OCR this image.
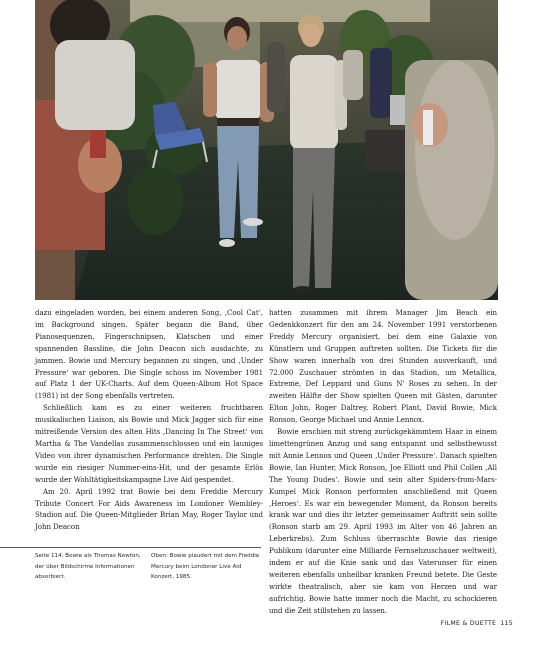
dazu eingeladen worden, bei einem anderen Song, ‚Cool Cat‘, im Background singen. Später begann die Band, über Pianosequenzen, Fingerschnipsen, Klatschen und einer spannenden Bassline, die John Deacon sich ausdachte, zu jammen. Bowie und Mercury begannen zu singen, und ‚Under Pressure‘ war geboren. Die Single schoss im November 1981 auf Platz 1 der UK-Charts. Auf dem Queen-Album Hot Space (1981) ist der Song ebenfalls vertreten.

Schließlich kam es zu einer weiteren fruchtbaren musikalischen Liaison, als Bowie und Mick Jagger sich für eine mitreißende Version des alten Hits ‚Dancing In The Street‘ von Martha & The Vandellas zusammenschlossen und ein launiges Video von ihrer dynamischen Performance drehten. Die Single wurde ein riesiger Nummer-eins-Hit, und der gesamte Erlös wurde der Wohltätigkeitskampagne Live Aid gespendet.

Am 20. April 1992 trat Bowie bei dem Freddie Mercury Tribute Concert For Aids Awareness im Londoner Wembley-Stadion auf. Die Queen-Mitglieder Brian May, Roger Taylor und John Deacon

hatten zusammen mit ihrem Manager Jim Beach ein Gedenkkonzert für den am 24. November 1991 verstorbenen Freddy Mercury organisiert, bei dem eine Galaxie von Künstlern und Gruppen auftreten sollten. Die Tickets für die Show waren innerhalb von drei Stunden ausverkauft, und 72.000 Zuschauer strömten in das Stadion, um Metallica, Extreme, Def Leppard und Guns N' Roses zu sehen. In der zweiten Hälfte der Show spielten Queen mit Gästen, darunter Elton John, Roger Daltrey, Robert Plant, David Bowie, Mick Ronson, George Michael und Annie Lennox.

Bowie erschien mit streng zurückgekämmtem Haar in einem limettengrünen Anzug und sang entspannt und selbstbewusst mit Annie Lennox und Queen ‚Under Pressure‘. Danach spielten Bowie, Ian Hunter, Mick Ronson, Joe Elliott und Phil Collen ‚All The Young Dudes‘. Bowie und sein alter Spiders-from-Mars-Kumpel Mick Ronson performten anschließend mit Queen ‚Heroes‘. Es war ein bewegender Moment, da Ronson bereits krank war und dies ihr letzter gemeinsamer Auftritt sein sollte (Ronson starb am 29. April 1993 im Alter von 46 Jahren an Leberkrebs). Zum Schluss überraschte Bowie das riesige Publikum (darunter eine Milliarde Fernsehzuschauer weltweit), indem er auf die Knie sank und das Vaterunser für einen weiteren ebenfalls unheilbar kranken Freund betete. Die Geste wirkte theatralisch, aber sie kam von Herzen und war aufrichtig. Bowie hatte immer noch die Macht, zu schockieren und die Zeit stillstehen zu lassen.

Seite 114: Bowie als Thomas Newton, der über Bildschirme Informationen absorbiert.
Oben: Bowie plaudert mit dem Freddie Mercury beim Londoner Live Aid Konzert, 1985.
FILME & DUETTE 115
